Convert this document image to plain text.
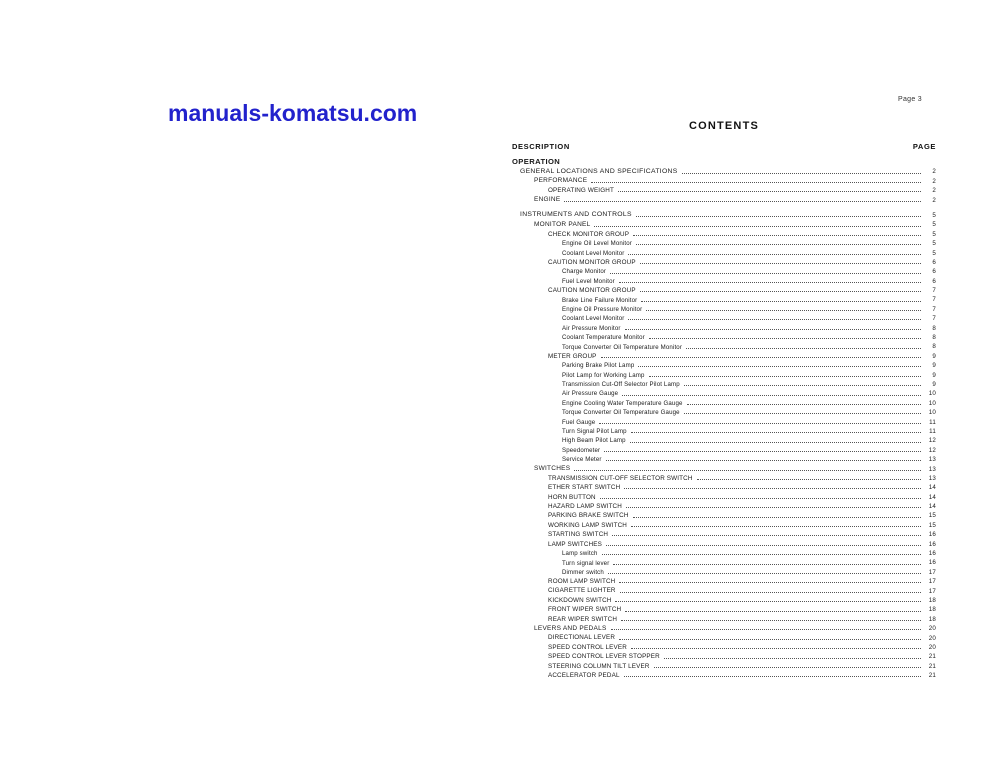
manuals-komatsu.com
Page 3
CONTENTS
DESCRIPTION	PAGE
OPERATION
GENERAL LOCATIONS AND SPECIFICATIONS	2
PERFORMANCE	2
OPERATING WEIGHT	2
ENGINE	2
INSTRUMENTS AND CONTROLS	5
MONITOR PANEL	5
CHECK MONITOR GROUP	5
Engine Oil Level Monitor	5
Coolant Level Monitor	5
CAUTION MONITOR GROUP	6
Charge Monitor	6
Fuel Level Monitor	6
CAUTION MONITOR GROUP	7
Brake Line Failure Monitor	7
Engine Oil Pressure Monitor	7
Coolant Level Monitor	7
Air Pressure Monitor	8
Coolant Temperature Monitor	8
Torque Converter Oil Temperature Monitor	8
METER GROUP	9
Parking Brake Pilot Lamp	9
Pilot Lamp for Working Lamp	9
Transmission Cut-Off Selector Pilot Lamp	9
Air Pressure Gauge	10
Engine Cooling Water Temperature Gauge	10
Torque Converter Oil Temperature Gauge	10
Fuel Gauge	11
Turn Signal Pilot Lamp	11
High Beam Pilot Lamp	12
Speedometer	12
Service Meter	13
SWITCHES	13
TRANSMISSION CUT-OFF SELECTOR SWITCH	13
ETHER START SWITCH	14
HORN BUTTON	14
HAZARD LAMP SWITCH	14
PARKING BRAKE SWITCH	15
WORKING LAMP SWITCH	15
STARTING SWITCH	16
LAMP SWITCHES	16
Lamp switch	16
Turn signal lever	16
Dimmer switch	17
ROOM LAMP SWITCH	17
CIGARETTE LIGHTER	17
KICKDOWN SWITCH	18
FRONT WIPER SWITCH	18
REAR WIPER SWITCH	18
LEVERS AND PEDALS	20
DIRECTIONAL LEVER	20
SPEED CONTROL LEVER	20
SPEED CONTROL LEVER STOPPER	21
STEERING COLUMN TILT LEVER	21
ACCELERATOR PEDAL	21
